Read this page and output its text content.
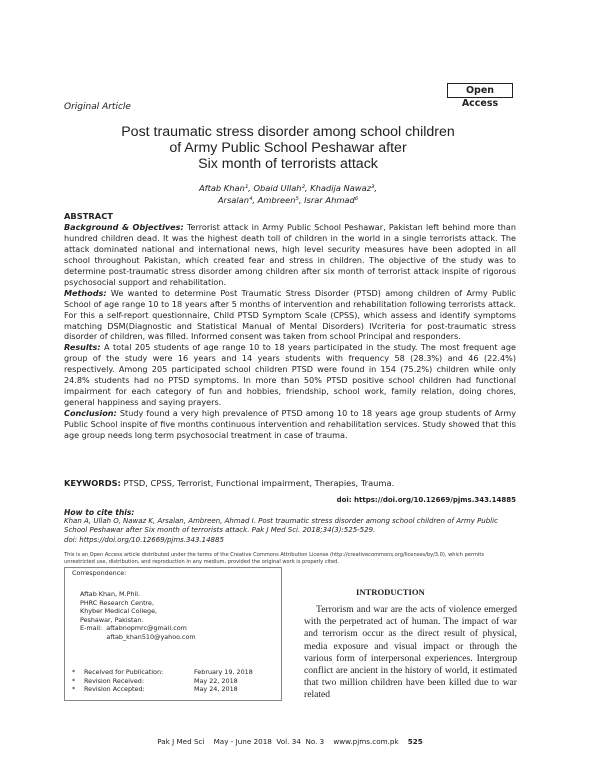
Open Access
Original Article
Post traumatic stress disorder among school children
of Army Public School Peshawar after
Six month of terrorists attack
Aftab Khan¹, Obaid Ullah², Khadija Nawaz³,
Arsalan⁴, Ambreen⁵, Israr Ahmad⁶
ABSTRACT

Background & Objectives: Terrorist attack in Army Public School Peshawar, Pakistan left behind more than hundred children dead. It was the highest death toll of children in the world in a single terrorists attack. The attack dominated national and international news, high level security measures have been adopted in all school throughout Pakistan, which created fear and stress in children. The objective of the study was to determine post-traumatic stress disorder among children after six month of terrorist attack inspite of rigorous psychosocial support and rehabilitation.

Methods: We wanted to determine Post Traumatic Stress Disorder (PTSD) among children of Army Public School of age range 10 to 18 years after 5 months of intervention and rehabilitation following terrorists attack. For this a self-report questionnaire, Child PTSD Symptom Scale (CPSS), which assess and identify symptoms matching DSM(Diagnostic and Statistical Manual of Mental Disorders) IVcriteria for post-traumatic stress disorder of children, was filled. Informed consent was taken from school Principal and responders.

Results: A total 205 students of age range 10 to 18 years participated in the study. The most frequent age group of the study were 16 years and 14 years students with frequency 58 (28.3%) and 46 (22.4%) respectively. Among 205 participated school children PTSD were found in 154 (75.2%) children while only 24.8% students had no PTSD symptoms. In more than 50% PTSD positive school children had functional impairment for each category of fun and hobbies, friendship, school work, family relation, doing chores, general happiness and saying prayers.

Conclusion: Study found a very high prevalence of PTSD among 10 to 18 years age group students of Army Public School inspite of five months continuous intervention and rehabilitation services. Study showed that this age group needs long term psychosocial treatment in case of trauma.

KEYWORDS: PTSD, CPSS, Terrorist, Functional impairment, Therapies, Trauma.
doi: https://doi.org/10.12669/pjms.343.14885
How to cite this:
Khan A, Ullah O, Nawaz K, Arsalan, Ambreen, Ahmad I. Post traumatic stress disorder among school children of Army Public School Peshawar after Six month of terrorists attack. Pak J Med Sci. 2018;34(3):525-529.
doi: https://doi.org/10.12669/pjms.343.14885
This is an Open Access article distributed under the terms of the Creative Commons Attribution License (http://creativecommons.org/licenses/by/3.0), which permits unrestricted use, distribution, and reproduction in any medium, provided the original work is properly cited.
Correspondence:
Aftab Khan, M.Phil.
PHRC Research Centre,
Khyber Medical College,
Peshawar, Pakistan.
E-mail:  aftabnopmrc@gmail.com
aftab_khan510@yahoo.com
*	Received for Publication:	February 19, 2018
*	Revision Received:	May 22, 2018
*	Revision Accepted:	May 24, 2018
INTRODUCTION

Terrorism and war are the acts of violence emerged with the perpetrated act of human. The impact of war and terrorism occur as the direct result of physical, media exposure and visual impact or through the various form of interpersonal experiences. Intergroup conflict are ancient in the history of world, it estimated that two million children have been killed due to war related

Pak J Med Sci May - June 2018  Vol. 34  No. 3 www.pjms.com.pk 525
